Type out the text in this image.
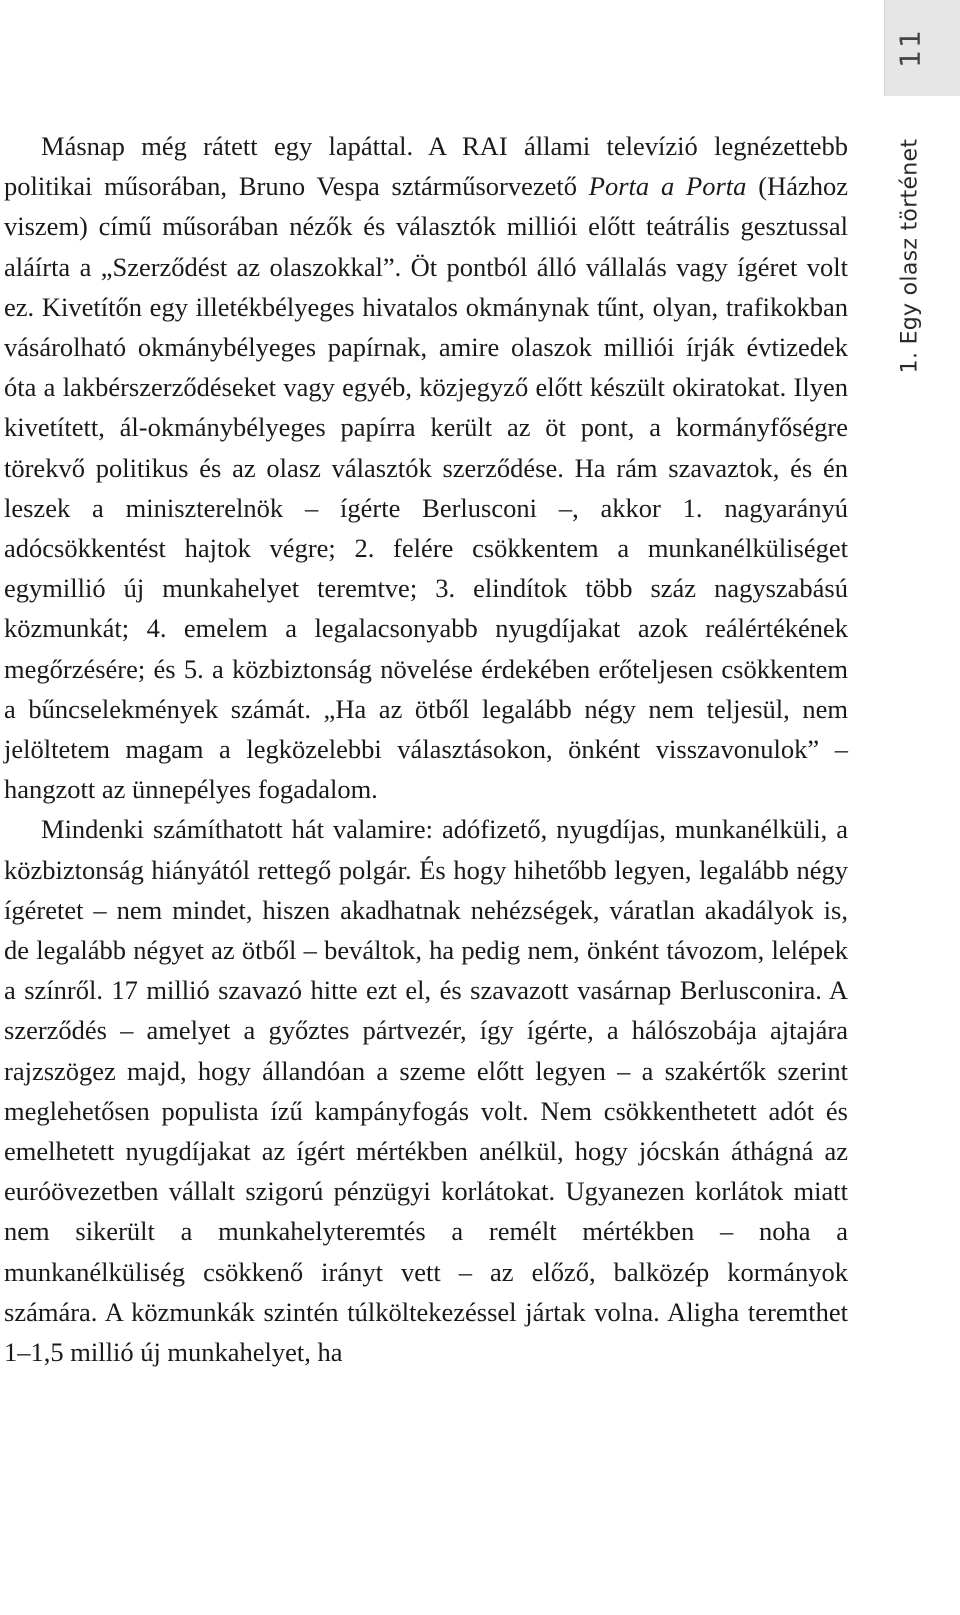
11
1. Egy olasz történet

Másnap még rátett egy lapáttal. A RAI állami televízió legnézettebb politikai műsorában, Bruno Vespa sztárműsorvezető Porta a Porta (Házhoz viszem) című műsorában nézők és választók milliói előtt teátrális gesztussal aláírta a „Szerződést az olaszokkal”. Öt pontból álló vállalás vagy ígéret volt ez. Kivetítőn egy illetékbélyeges hivatalos okmánynak tűnt, olyan, trafikokban vásárolható okmánybélyeges papírnak, amire olaszok milliói írják évtizedek óta a lakbérszerződéseket vagy egyéb, közjegyző előtt készült okiratokat. Ilyen kivetített, ál-okmánybélyeges papírra került az öt pont, a kormányfőségre törekvő politikus és az olasz választók szerződése. Ha rám szavaztok, és én leszek a miniszterelnök – ígérte Berlusconi –, akkor 1. nagyarányú adócsökkentést hajtok végre; 2. felére csökkentem a munkanélküliséget egymillió új munkahelyet teremtve; 3. elindítok több száz nagyszabású közmunkát; 4. emelem a legalacsonyabb nyugdíjakat azok reálértékének megőrzésére; és 5. a közbiztonság növelése érdekében erőteljesen csökkentem a bűncselekmények számát. „Ha az ötből legalább négy nem teljesül, nem jelöltetem magam a legközelebbi választásokon, önként visszavonulok” – hangzott az ünnepélyes fogadalom.

Mindenki számíthatott hát valamire: adófizető, nyugdíjas, munkanélküli, a közbiztonság hiányától rettegő polgár. És hogy hihetőbb legyen, legalább négy ígéretet – nem mindet, hiszen akadhatnak nehézségek, váratlan akadályok is, de legalább négyet az ötből – beváltok, ha pedig nem, önként távozom, lelépek a színről. 17 millió szavazó hitte ezt el, és szavazott vasárnap Berlusconira. A szerződés – amelyet a győztes pártvezér, így ígérte, a hálószobája ajtajára rajzszögez majd, hogy állandóan a szeme előtt legyen – a szakértők szerint meglehetősen populista ízű kampányfogás volt. Nem csökkenthetett adót és emelhetett nyugdíjakat az ígért mértékben anélkül, hogy jócskán áthágná az euróövezetben vállalt szigorú pénzügyi korlátokat. Ugyanezen korlátok miatt nem sikerült a munkahelyteremtés a remélt mértékben – noha a munkanélküliség csökkenő irányt vett – az előző, balközép kormányok számára. A közmunkák szintén túlköltekezéssel jártak volna. Aligha teremthet 1–1,5 millió új munkahelyet, ha
